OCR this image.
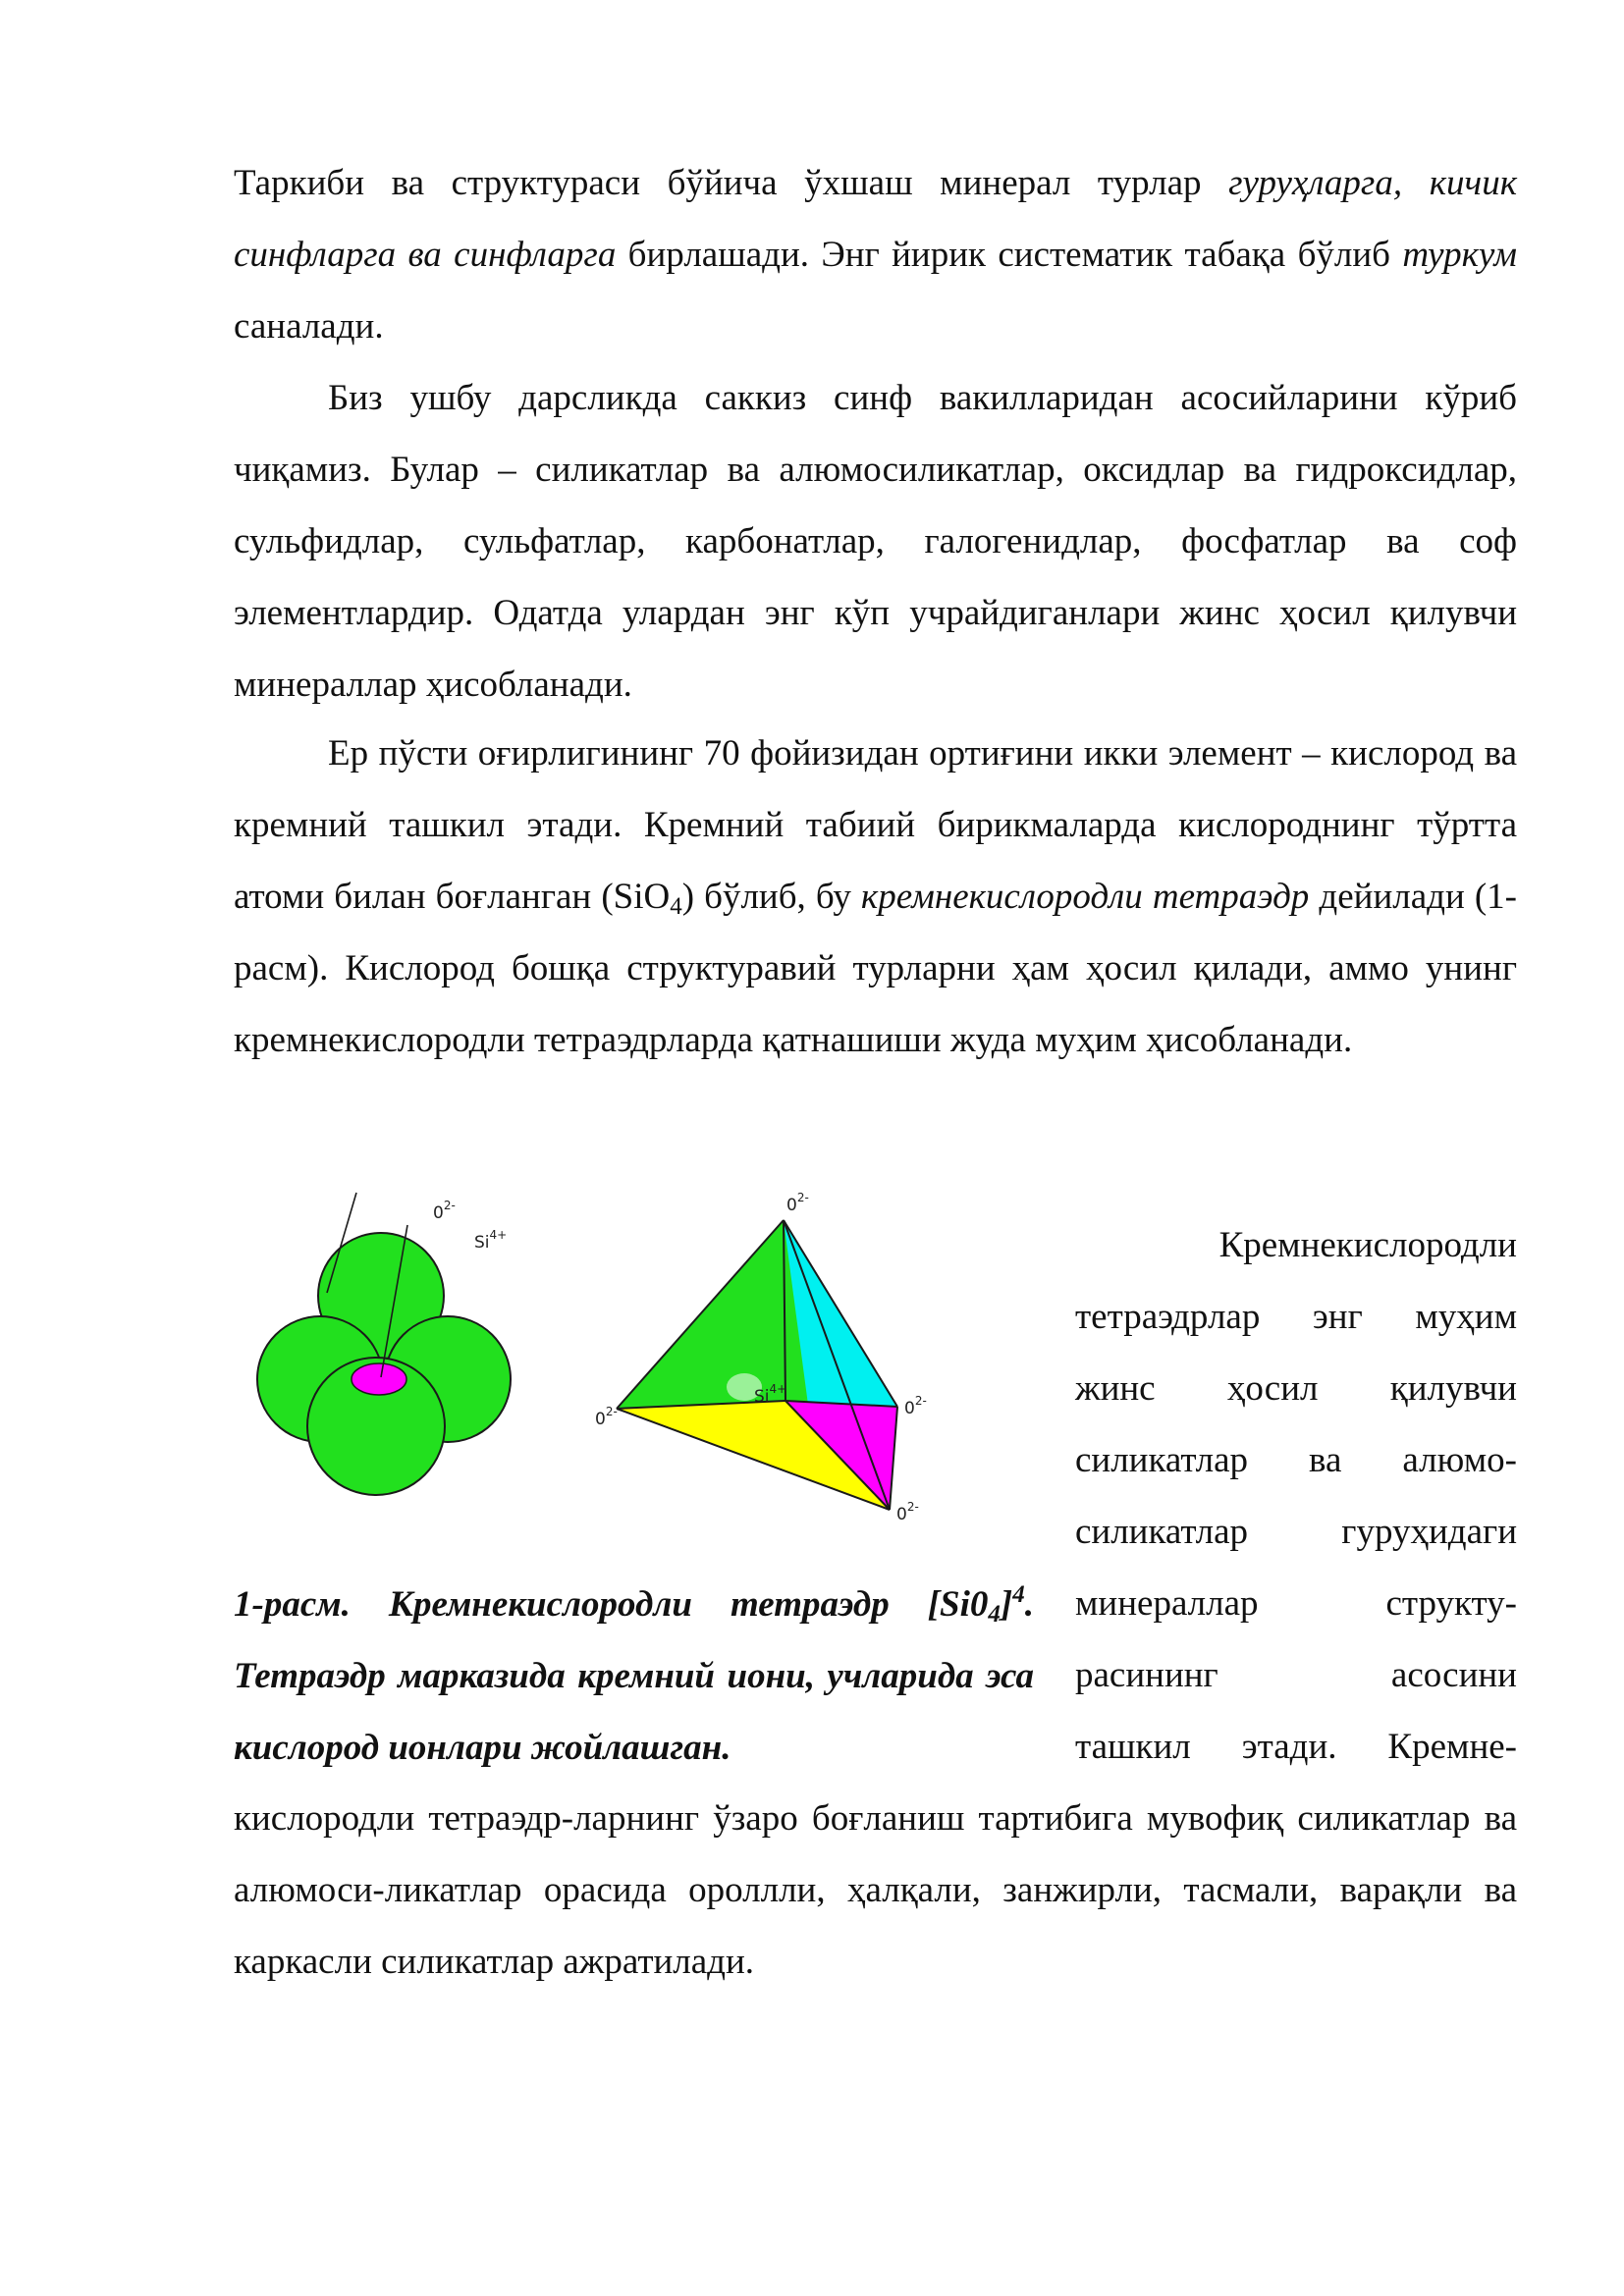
Таркиби ва структураси бўйича ўхшаш минерал турлар гуруҳларга, кичик синфларга ва синфларга бирлашади. Энг йирик систематик табақа бўлиб туркум саналади.

Биз ушбу дарсликда саккиз синф вакилларидан асосийларини кўриб чиқамиз. Булар – силикатлар ва алюмосиликатлар, оксидлар ва гидроксидлар, сульфидлар, сульфатлар, карбонатлар, галогенидлар, фосфатлар ва соф элементлардир. Одатда улардан энг кўп учрайдиганлари жинс ҳосил қилувчи минераллар ҳисобланади.

Ер пўсти оғирлигининг 70 фойизидан ортиғини икки элемент – кислород ва кремний ташкил этади. Кремний табиий бирикмаларда кислороднинг тўртта атоми билан боғланган (SiO$_4$) бўлиб, бу кремнекислородли тетраэдр дейилади (1-расм). Кислород бошқа структуравий турларни ҳам ҳосил қилади, аммо унинг кремнекислородли тетраэдрларда қатнашиши жуда муҳим ҳисобланади.

$0^{2-}$
$Si^{4+}$
$0^{2-}$
$0^{2-}$
$0^{2-}$
$0^{2-}$
$Si^{4+}$

1-расм. Кремнекислородли тетраэдр $[Si0_4]^4$. Тетраэдр марказида кремний иони, учларида эса кислород ионлари жойлашган.

Кремнекислородли
тетраэдрлар энг муҳим
жинс ҳосил қилувчи
силикатлар ва алюмо-
силикатлар гуруҳидаги
минераллар структу-
расининг асосини
ташкил этади. Кремне-

кислородли тетраэдр-ларнинг ўзаро боғланиш тартибига мувофиқ силикатлар ва алюмоси-ликатлар орасида ороллли, ҳалқали, занжирли, тасмали, варақли ва каркасли силикатлар ажратилади.
